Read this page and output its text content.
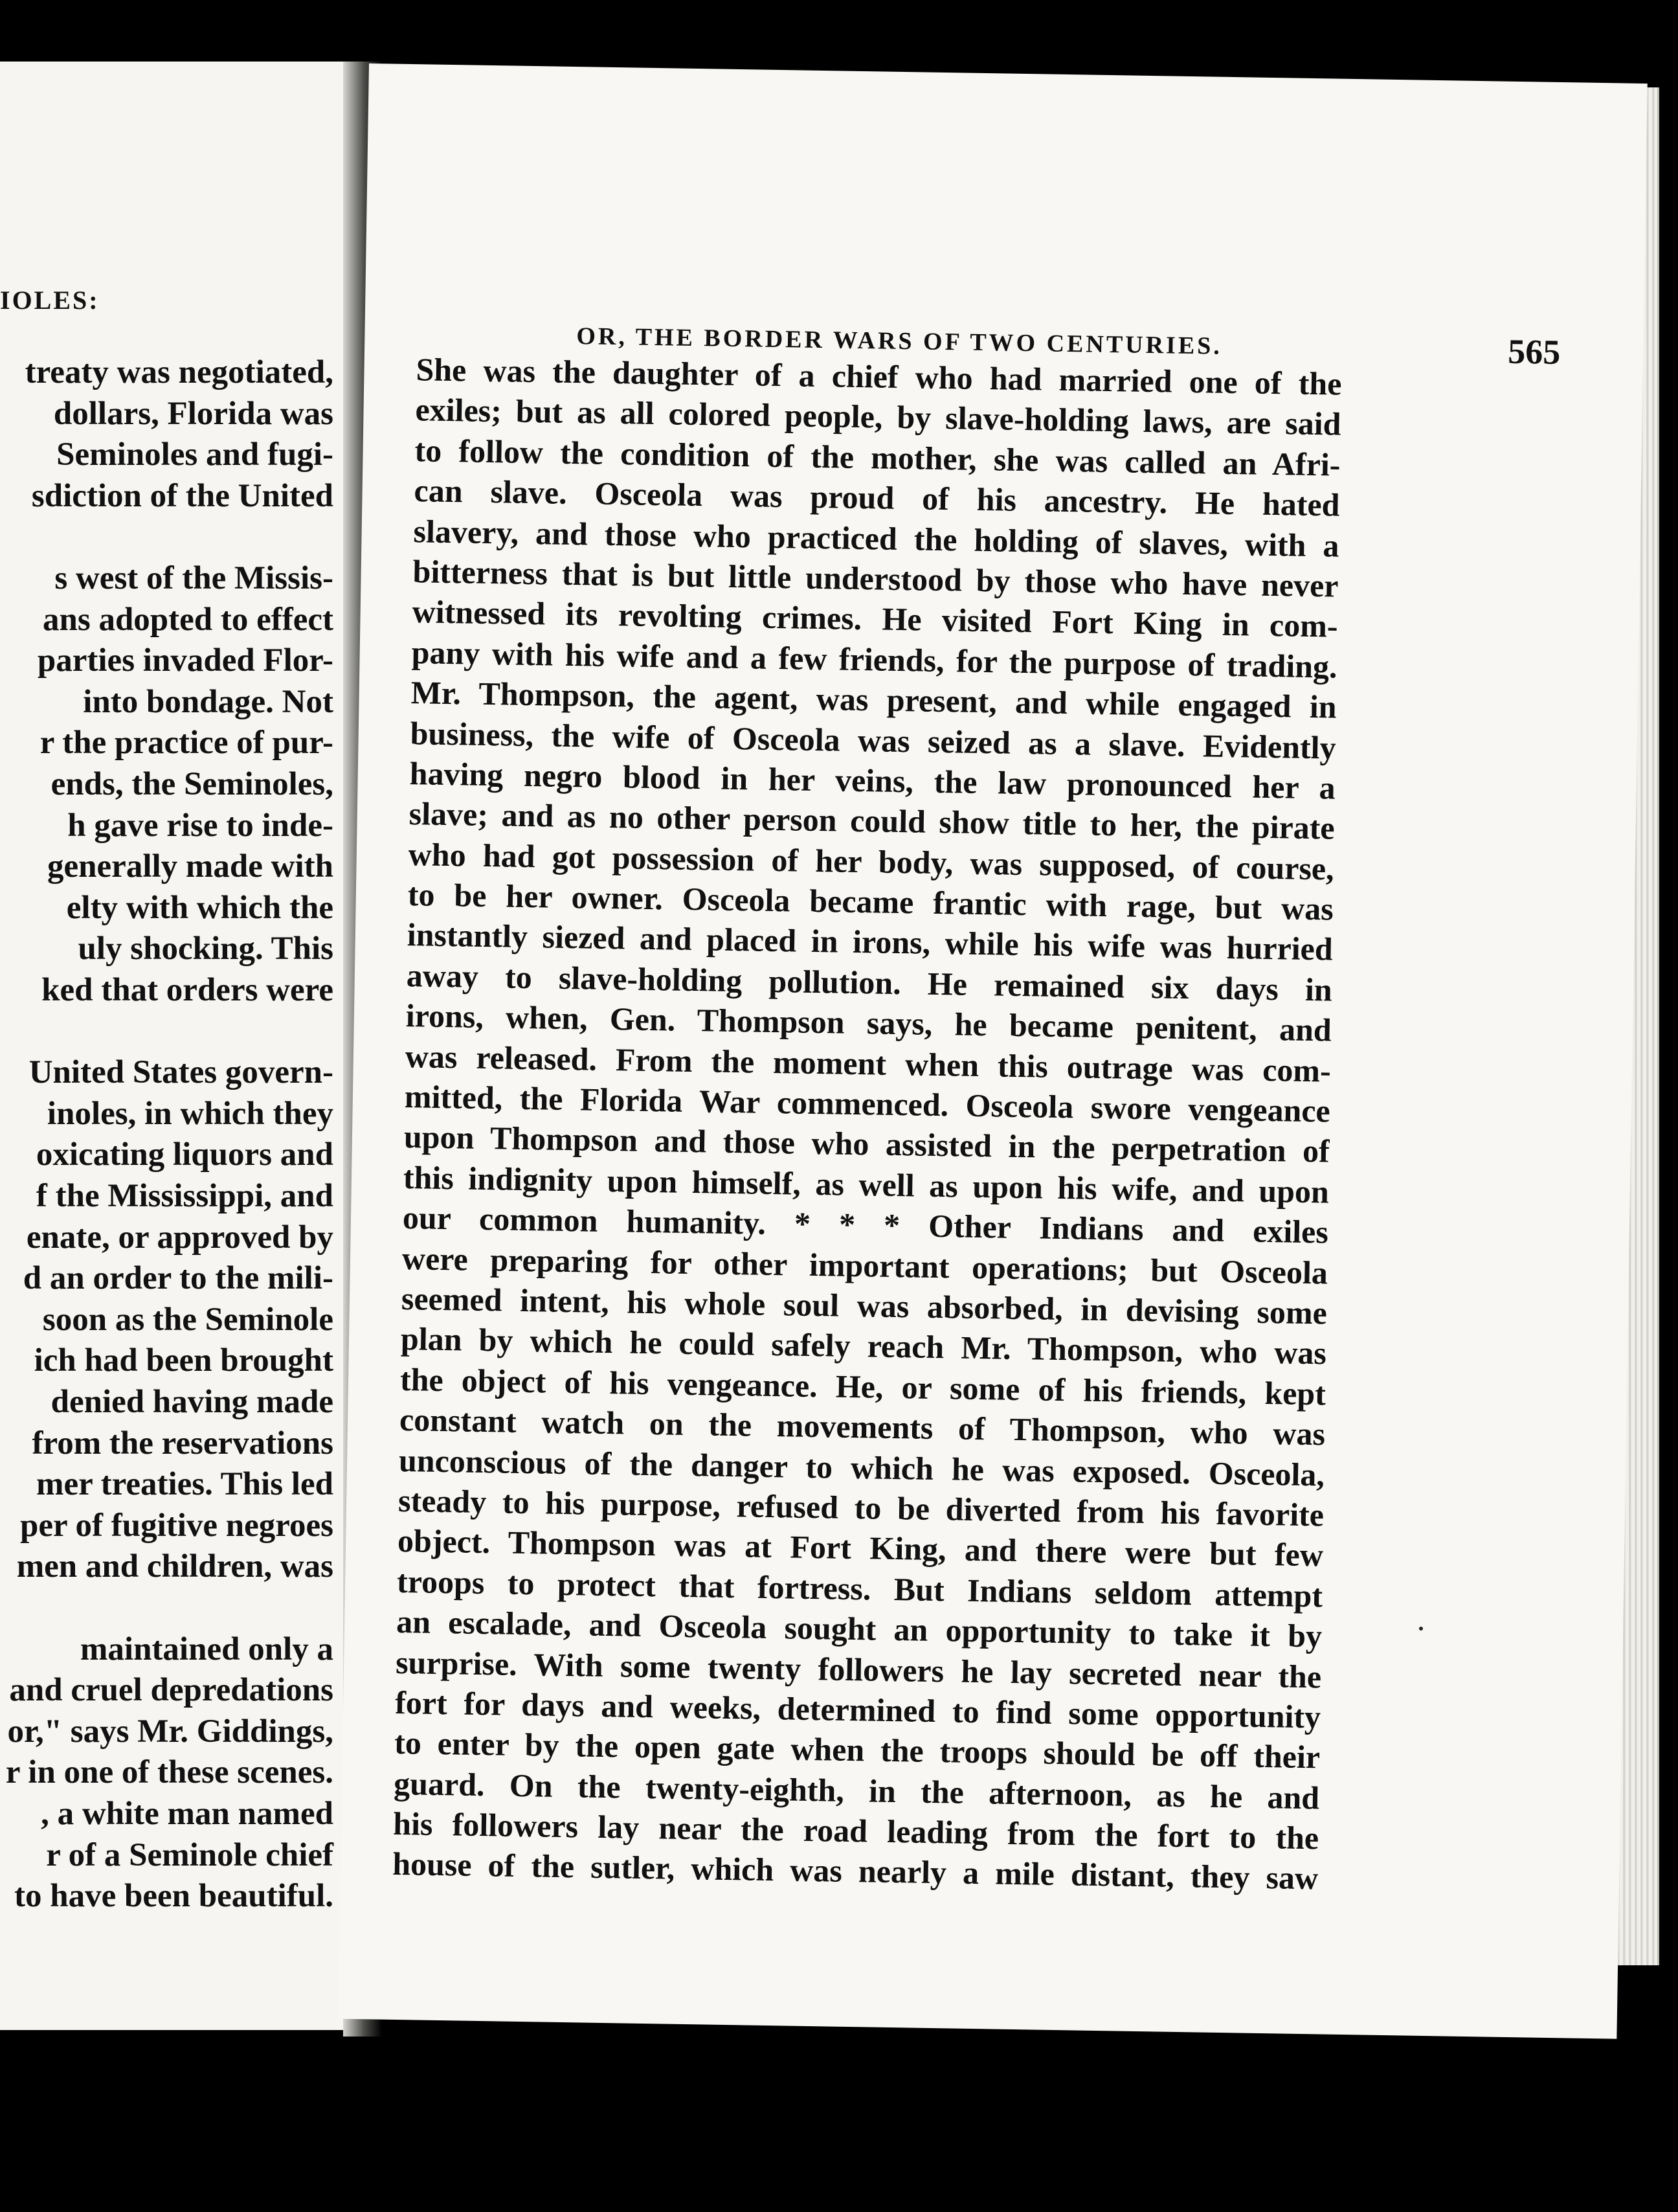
IOLES:
treaty was negotiated,
dollars, Florida was
Seminoles and fugi-
sdiction of the United
s west of the Missis-
ans adopted to effect
parties invaded Flor-
into bondage. Not
r the practice of pur-
ends, the Seminoles,
h gave rise to inde-
generally made with
elty with which the
uly shocking. This
ked that orders were
United States govern-
inoles, in which they
oxicating liquors and
f the Mississippi, and
enate, or approved by
d an order to the mili-
soon as the Seminole
ich had been brought
denied having made
from the reservations
mer treaties. This led
per of fugitive negroes
men and children, was
maintained only a
and cruel depredations
or," says Mr. Giddings,
r in one of these scenes.
, a white man named
r of a Seminole chief
to have been beautiful.
OR, THE BORDER WARS OF TWO CENTURIES.	565
She was the daughter of a chief who had married one of the
exiles; but as all colored people, by slave-holding laws, are said
to follow the condition of the mother, she was called an Afri-
can slave. Osceola was proud of his ancestry. He hated
slavery, and those who practiced the holding of slaves, with a
bitterness that is but little understood by those who have never
witnessed its revolting crimes. He visited Fort King in com-
pany with his wife and a few friends, for the purpose of trading.
Mr. Thompson, the agent, was present, and while engaged in
business, the wife of Osceola was seized as a slave. Evidently
having negro blood in her veins, the law pronounced her a
slave; and as no other person could show title to her, the pirate
who had got possession of her body, was supposed, of course,
to be her owner. Osceola became frantic with rage, but was
instantly siezed and placed in irons, while his wife was hurried
away to slave-holding pollution. He remained six days in
irons, when, Gen. Thompson says, he became penitent, and
was released. From the moment when this outrage was com-
mitted, the Florida War commenced. Osceola swore vengeance
upon Thompson and those who assisted in the perpetration of
this indignity upon himself, as well as upon his wife, and upon
our common humanity. * * * Other Indians and exiles
were preparing for other important operations; but Osceola
seemed intent, his whole soul was absorbed, in devising some
plan by which he could safely reach Mr. Thompson, who was
the object of his vengeance. He, or some of his friends, kept
constant watch on the movements of Thompson, who was
unconscious of the danger to which he was exposed. Osceola,
steady to his purpose, refused to be diverted from his favorite
object. Thompson was at Fort King, and there were but few
troops to protect that fortress. But Indians seldom attempt
an escalade, and Osceola sought an opportunity to take it by
surprise. With some twenty followers he lay secreted near the
fort for days and weeks, determined to find some opportunity
to enter by the open gate when the troops should be off their
guard. On the twenty-eighth, in the afternoon, as he and
his followers lay near the road leading from the fort to the
house of the sutler, which was nearly a mile distant, they saw
